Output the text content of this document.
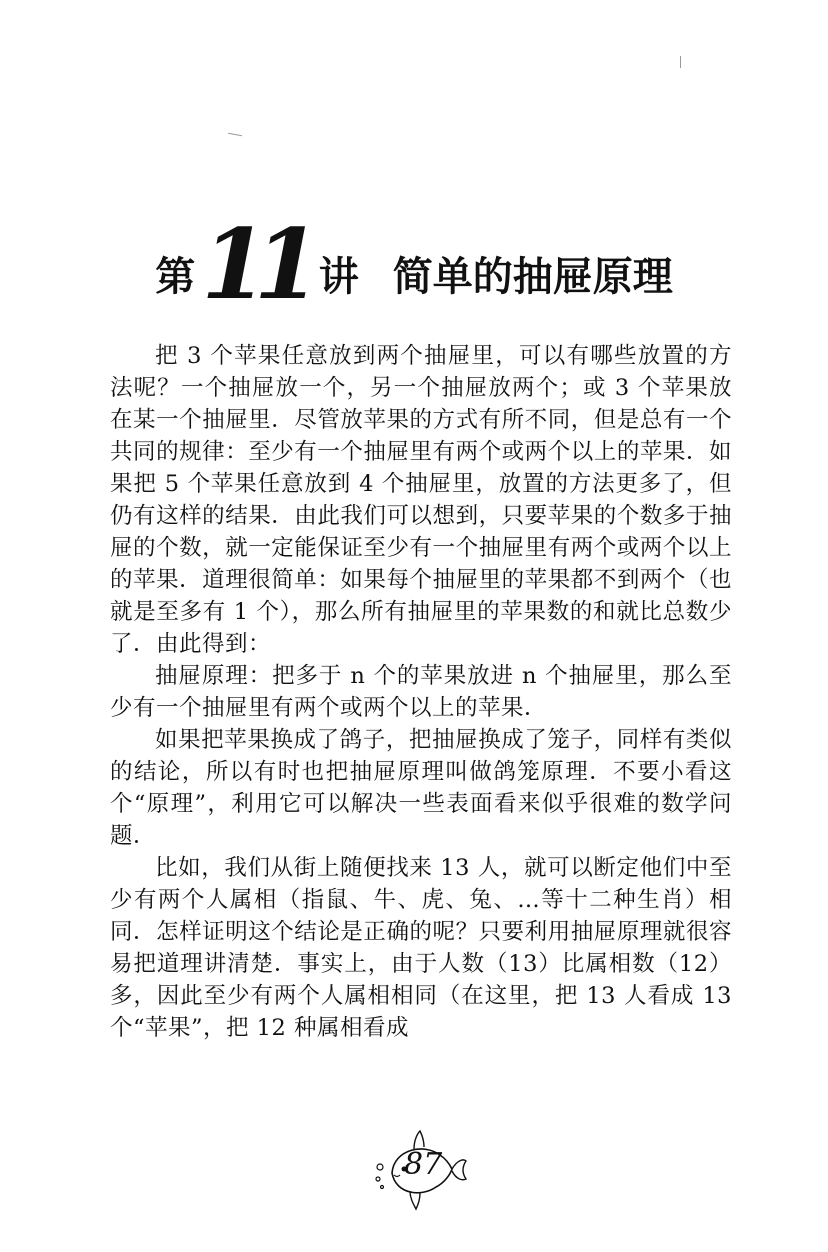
第11 讲 简单的抽屉原理

把 3 个苹果任意放到两个抽屉里，可以有哪些放置的方法呢？一个抽屉放一个，另一个抽屉放两个；或 3 个苹果放在某一个抽屉里．尽管放苹果的方式有所不同，但是总有一个共同的规律：至少有一个抽屉里有两个或两个以上的苹果．如果把 5 个苹果任意放到 4 个抽屉里，放置的方法更多了，但仍有这样的结果．由此我们可以想到，只要苹果的个数多于抽屉的个数，就一定能保证至少有一个抽屉里有两个或两个以上的苹果．道理很简单：如果每个抽屉里的苹果都不到两个（也就是至多有 1 个），那么所有抽屉里的苹果数的和就比总数少了．由此得到：

抽屉原理：把多于 n 个的苹果放进 n 个抽屉里，那么至少有一个抽屉里有两个或两个以上的苹果．

如果把苹果换成了鸽子，把抽屉换成了笼子，同样有类似的结论，所以有时也把抽屉原理叫做鸽笼原理．不要小看这个“原理”，利用它可以解决一些表面看来似乎很难的数学问题．

比如，我们从街上随便找来 13 人，就可以断定他们中至少有两个人属相（指鼠、牛、虎、兔、…等十二种生肖）相同．怎样证明这个结论是正确的呢？只要利用抽屉原理就很容易把道理讲清楚．事实上，由于人数（13）比属相数（12）多，因此至少有两个人属相相同（在这里，把 13 人看成 13 个“苹果”，把 12 种属相看成

87
